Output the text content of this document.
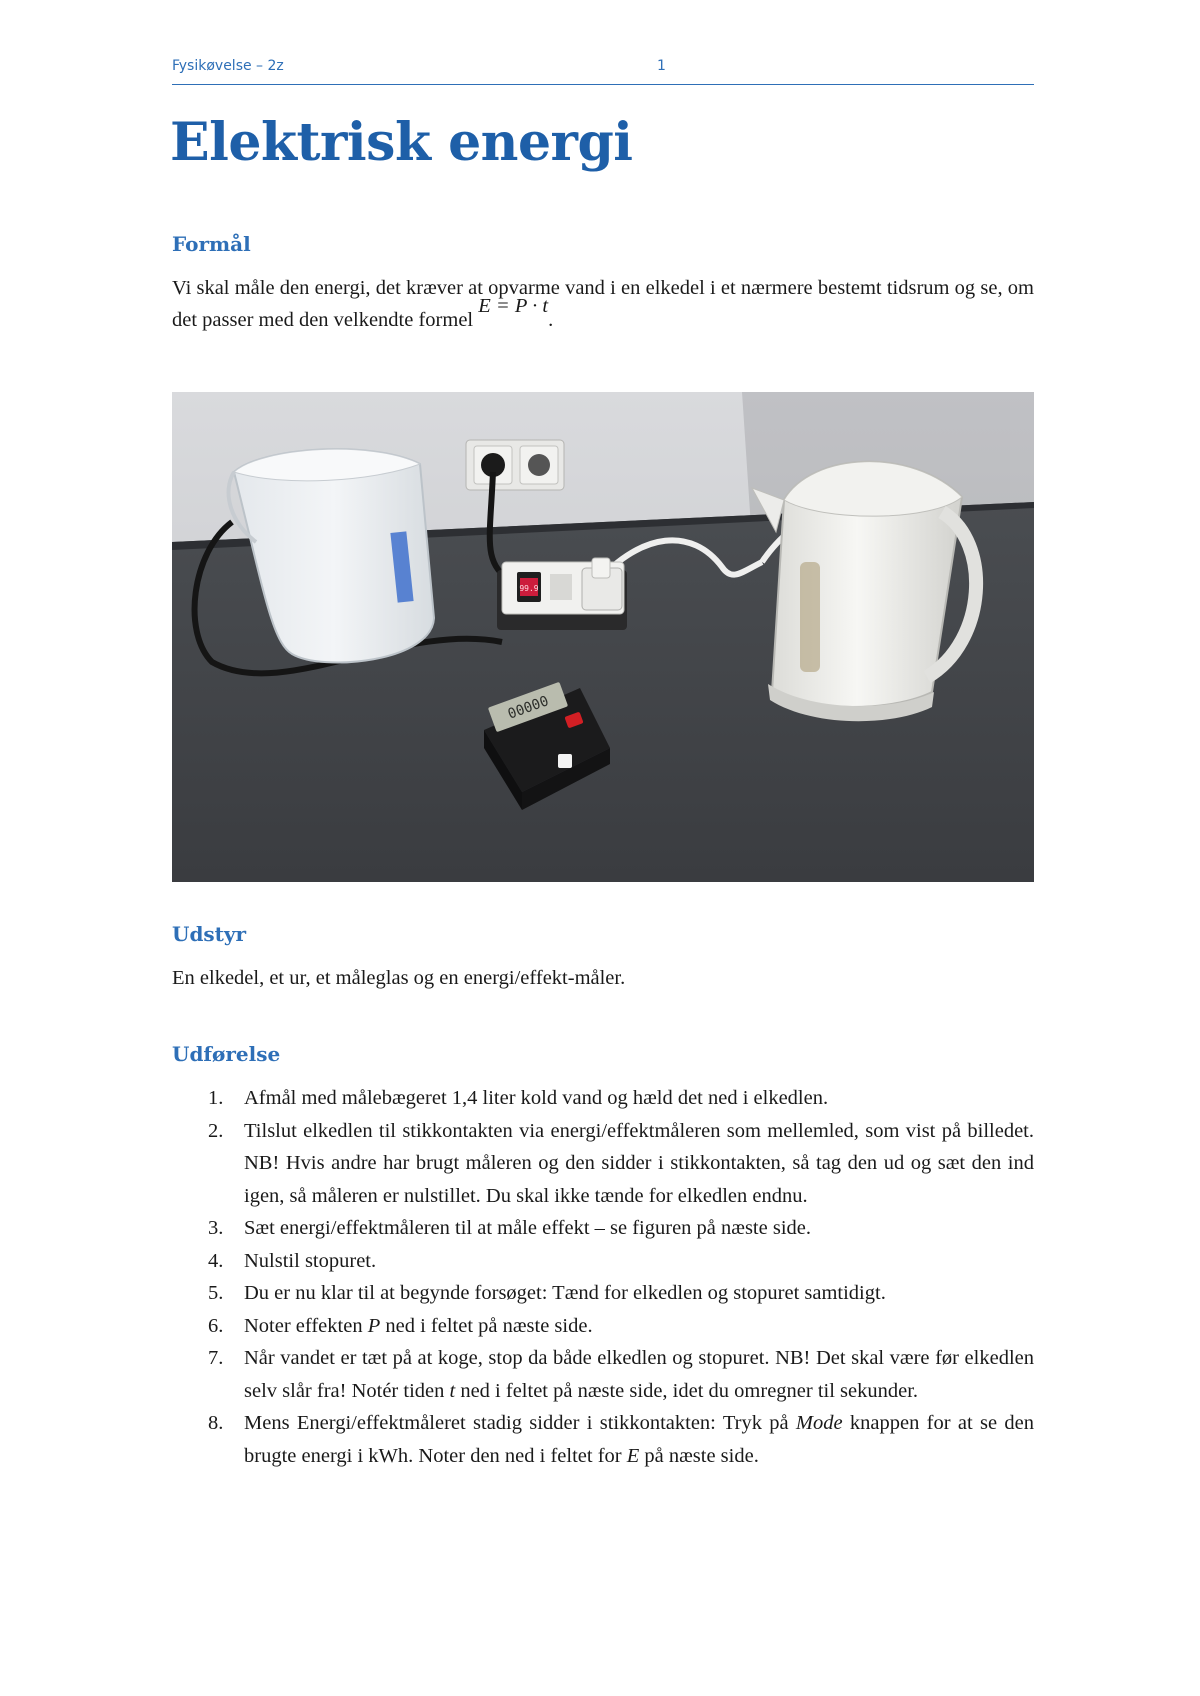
Fysikøvelse – 2z	1
Elektrisk energi
Formål

Vi skal måle den energi, det kræver at opvarme vand i en elkedel i et nærmere bestemt tidsrum og se, om det passer med den velkendte formel E = P · t.

99.9
00000
Udstyr

En elkedel, et ur, et måleglas og en energi/effekt-måler.

Udførelse
1. Afmål med målebægeret 1,4 liter kold vand og hæld det ned i elkedlen.
2. Tilslut elkedlen til stikkontakten via energi/effektmåleren som mellemled, som vist på billedet. NB! Hvis andre har brugt måleren og den sidder i stikkontakten, så tag den ud og sæt den ind igen, så måleren er nulstillet. Du skal ikke tænde for elkedlen endnu.
3. Sæt energi/effektmåleren til at måle effekt – se figuren på næste side.
4. Nulstil stopuret.
5. Du er nu klar til at begynde forsøget: Tænd for elkedlen og stopuret samtidigt.
6. Noter effekten P ned i feltet på næste side.
7. Når vandet er tæt på at koge, stop da både elkedlen og stopuret. NB! Det skal være før elkedlen selv slår fra! Notér tiden t ned i feltet på næste side, idet du omregner til sekunder.
8. Mens Energi/effektmåleret stadig sidder i stikkontakten: Tryk på Mode knappen for at se den brugte energi i kWh. Noter den ned i feltet for E på næste side.
